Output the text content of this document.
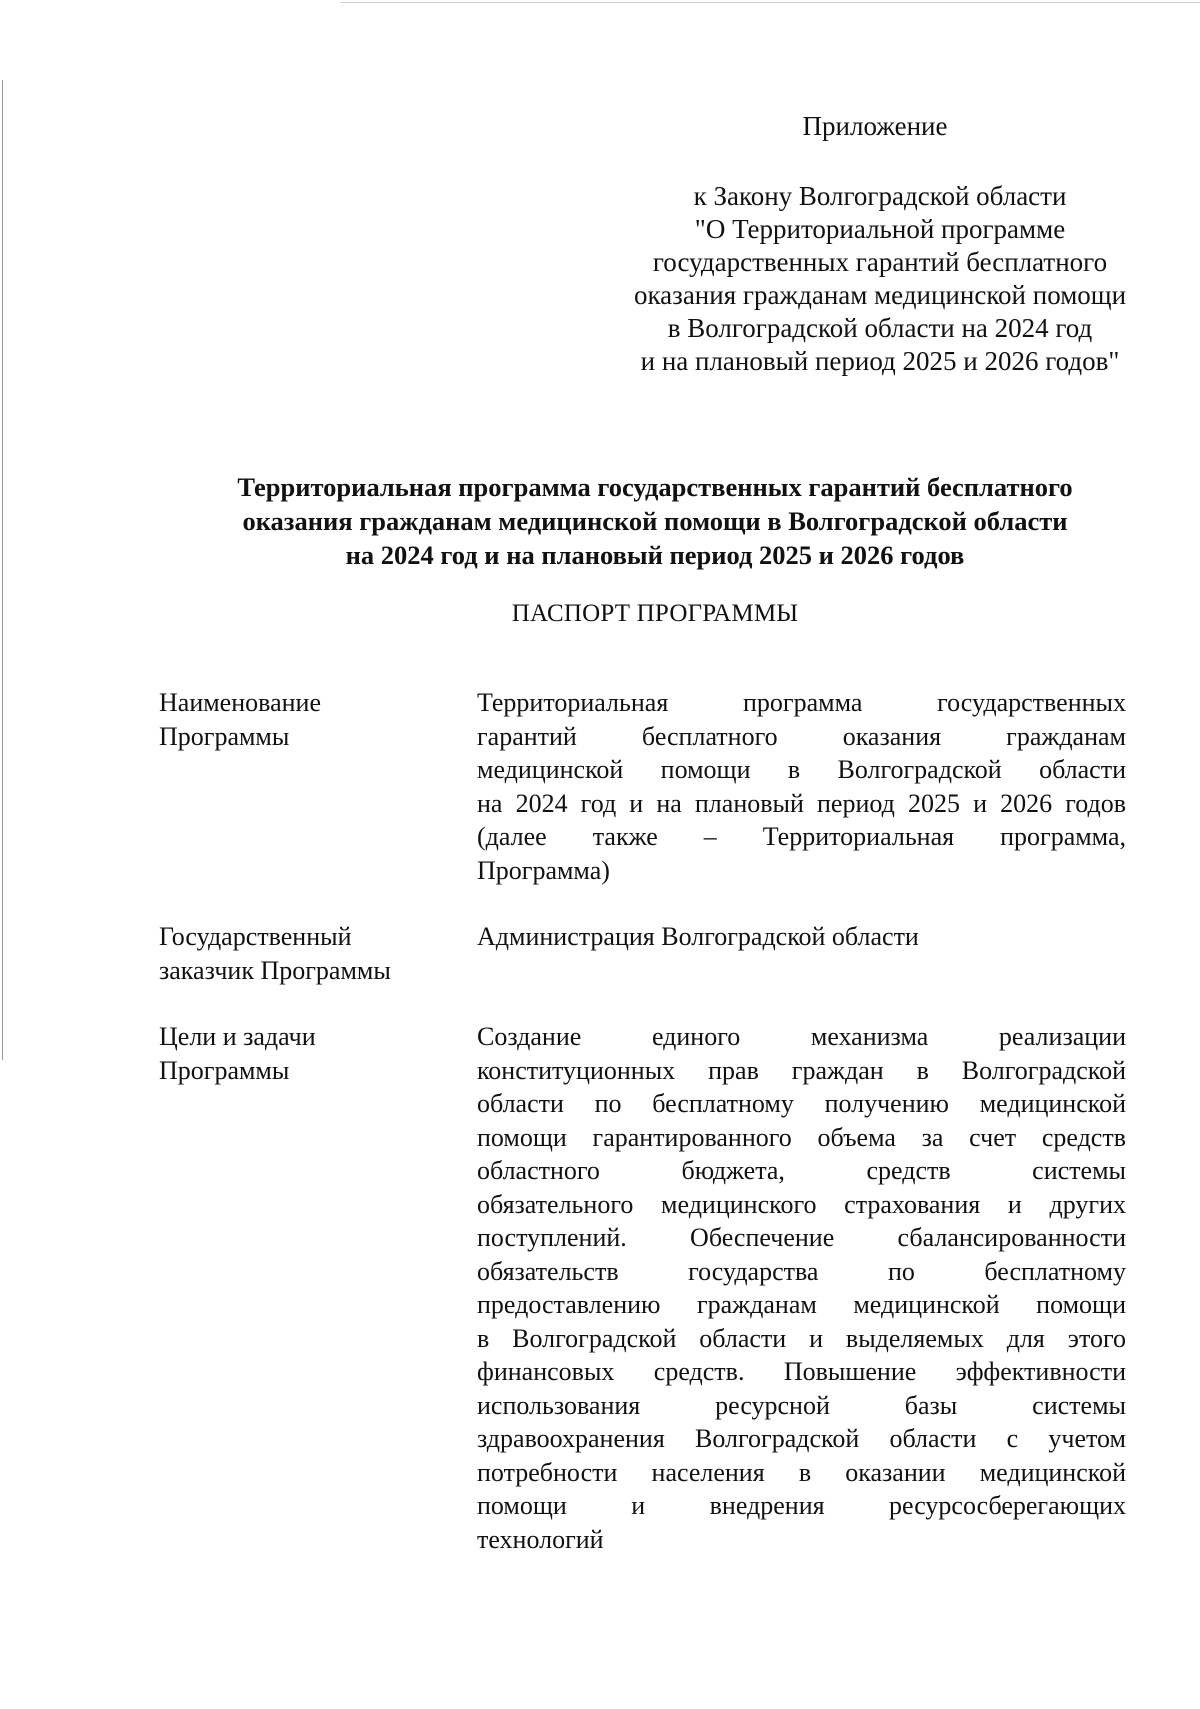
Приложение
к Закону Волгоградской области
"О Территориальной программе
государственных гарантий бесплатного
оказания гражданам медицинской помощи
в Волгоградской области на 2024 год
и на плановый период 2025 и 2026 годов"
Территориальная программа государственных гарантий бесплатного
оказания гражданам медицинской помощи в Волгоградской области
на 2024 год и на плановый период 2025 и 2026 годов
ПАСПОРТ ПРОГРАММЫ
Наименование
Программы
Территориальная программа государственных
гарантий бесплатного оказания гражданам
медицинской помощи в Волгоградской области
на 2024 год и на плановый период 2025 и 2026 годов
(далее также – Территориальная программа,
Программа)
Государственный
заказчик Программы
Администрация Волгоградской области
Цели и задачи
Программы
Создание единого механизма реализации
конституционных прав граждан в Волгоградской
области по бесплатному получению медицинской
помощи гарантированного объема за счет средств
областного бюджета, средств системы
обязательного медицинского страхования и других
поступлений. Обеспечение сбалансированности
обязательств государства по бесплатному
предоставлению гражданам медицинской помощи
в Волгоградской области и выделяемых для этого
финансовых средств. Повышение эффективности
использования ресурсной базы системы
здравоохранения Волгоградской области с учетом
потребности населения в оказании медицинской
помощи и внедрения ресурсосберегающих
технологий
